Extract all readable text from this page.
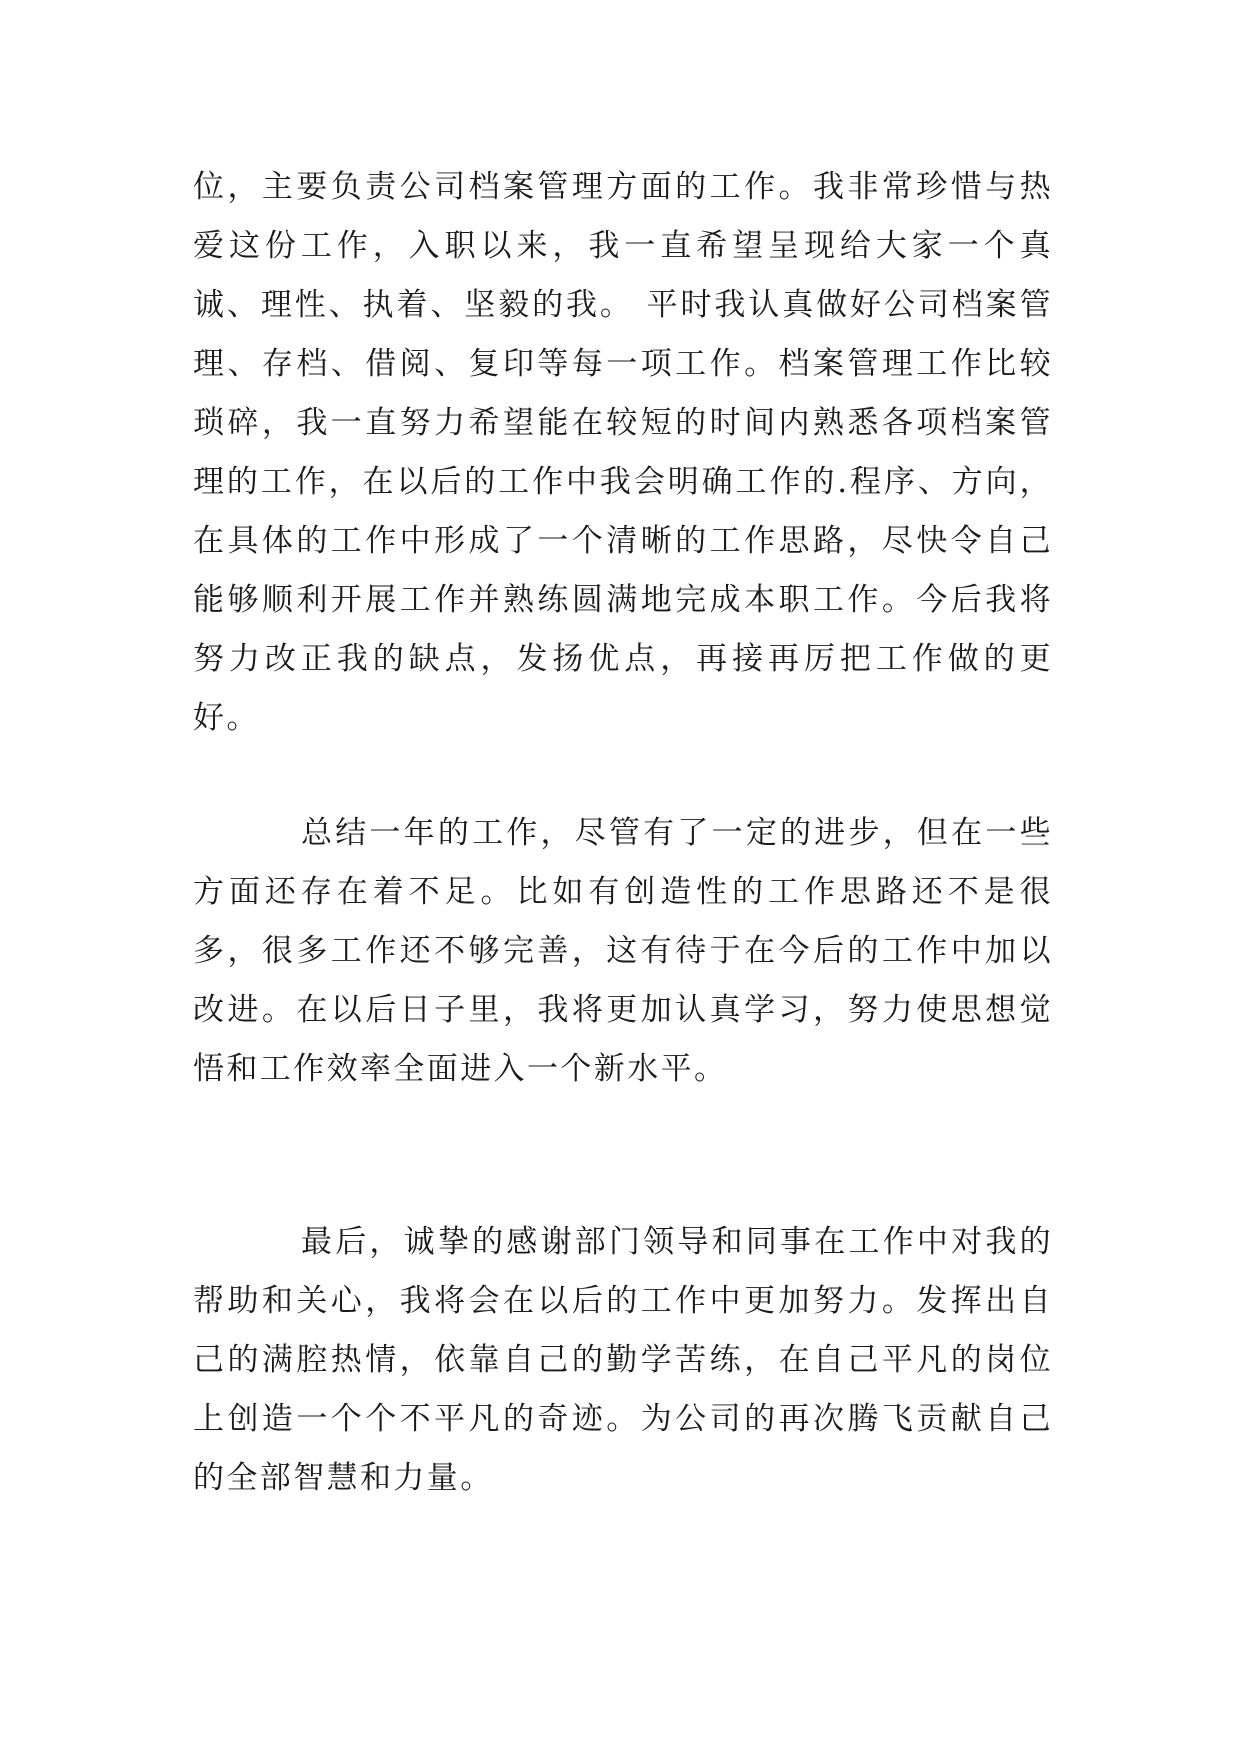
位，主要负责公司档案管理方面的工作。我非常珍惜与热爱这份工作，入职以来，我一直希望呈现给大家一个真诚、理性、执着、坚毅的我。 平时我认真做好公司档案管理、存档、借阅、复印等每一项工作。档案管理工作比较琐碎，我一直努力希望能在较短的时间内熟悉各项档案管理的工作，在以后的工作中我会明确工作的.程序、方向，在具体的工作中形成了一个清晰的工作思路，尽快令自己能够顺利开展工作并熟练圆满地完成本职工作。今后我将努力改正我的缺点，发扬优点，再接再厉把工作做的更好。

总结一年的工作，尽管有了一定的进步，但在一些方面还存在着不足。比如有创造性的工作思路还不是很多，很多工作还不够完善，这有待于在今后的工作中加以改进。在以后日子里，我将更加认真学习，努力使思想觉悟和工作效率全面进入一个新水平。

最后，诚挚的感谢部门领导和同事在工作中对我的帮助和关心，我将会在以后的工作中更加努力。发挥出自己的满腔热情，依靠自己的勤学苦练，在自己平凡的岗位上创造一个个不平凡的奇迹。为公司的再次腾飞贡献自己的全部智慧和力量。
